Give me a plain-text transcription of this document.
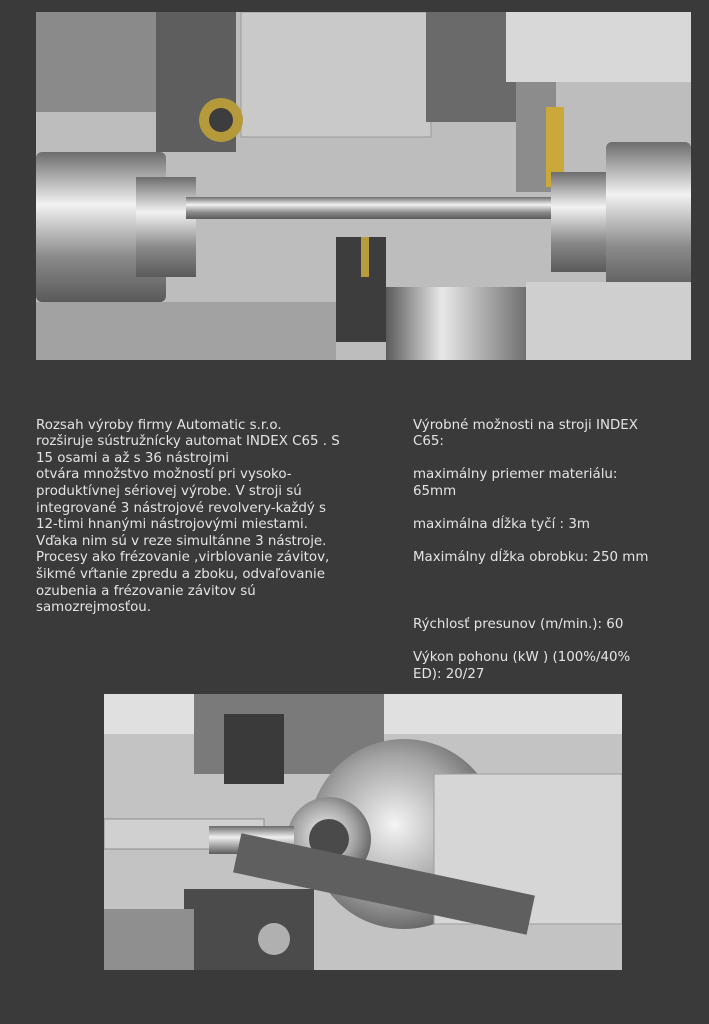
Rozsah výroby firmy Automatic s.r.o.
rozširuje sústružnícky automat INDEX C65 . S
15 osami a až s 36 nástrojmi
otvára množstvo možností pri vysoko-
produktívnej sériovej výrobe. V stroji sú
integrované 3 nástrojové revolvery-každý s
12-timi hnanými nástrojovými miestami.
Vďaka nim sú v reze simultánne 3 nástroje.
Procesy ako frézovanie ,virblovanie závitov,
šikmé vŕtanie zpredu a zboku, odvaľovanie
ozubenia a frézovanie závitov sú
samozrejmosťou.

Výrobné možnosti na stroji INDEX
C65:

maximálny priemer materiálu:
65mm

maximálna dĺžka tyčí : 3m

Maximálny dĺžka obrobku: 250 mm

Rýchlosť presunov (m/min.): 60

Výkon pohonu (kW ) (100%/40%
ED): 20/27
